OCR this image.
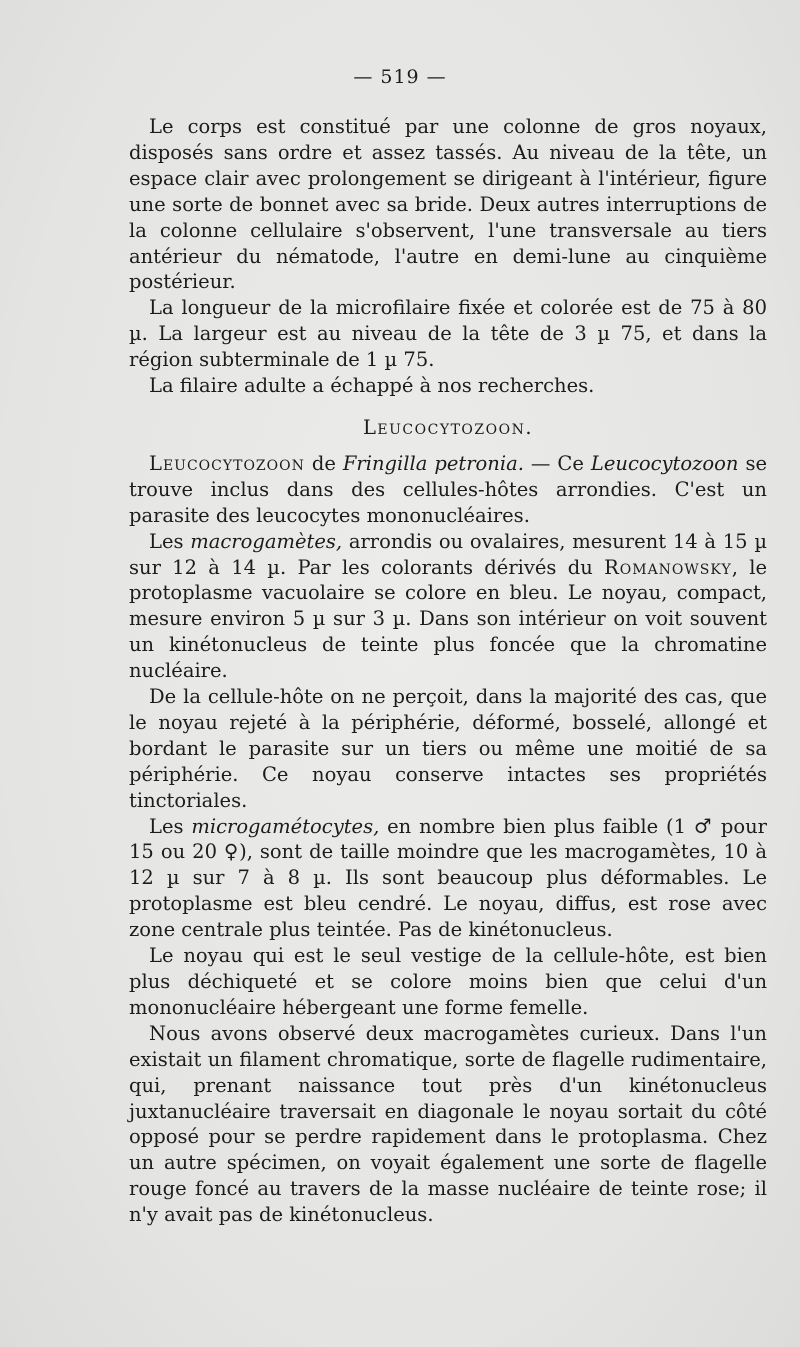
— 519 —

Le corps est constitué par une colonne de gros noyaux, disposés sans ordre et assez tassés. Au niveau de la tête, un espace clair avec prolongement se dirigeant à l'intérieur, figure une sorte de bonnet avec sa bride. Deux autres interruptions de la colonne cellulaire s'observent, l'une transversale au tiers antérieur du nématode, l'autre en demi-lune au cinquième postérieur.

La longueur de la microfilaire fixée et colorée est de 75 à 80 µ. La largeur est au niveau de la tête de 3 µ 75, et dans la région subterminale de 1 µ 75.

La filaire adulte a échappé à nos recherches.

Leucocytozoon.

Leucocytozoon de Fringilla petronia. — Ce Leucocytozoon se trouve inclus dans des cellules-hôtes arrondies. C'est un parasite des leucocytes mononucléaires.

Les macrogamètes, arrondis ou ovalaires, mesurent 14 à 15 µ sur 12 à 14 µ. Par les colorants dérivés du Romanowsky, le protoplasme vacuolaire se colore en bleu. Le noyau, compact, mesure environ 5 µ sur 3 µ. Dans son intérieur on voit souvent un kinétonucleus de teinte plus foncée que la chromatine nucléaire.

De la cellule-hôte on ne perçoit, dans la majorité des cas, que le noyau rejeté à la périphérie, déformé, bosselé, allongé et bordant le parasite sur un tiers ou même une moitié de sa périphérie. Ce noyau conserve intactes ses propriétés tinctoriales.

Les microgamétocytes, en nombre bien plus faible (1 ♂ pour 15 ou 20 ♀), sont de taille moindre que les macrogamètes, 10 à 12 µ sur 7 à 8 µ. Ils sont beaucoup plus déformables. Le protoplasme est bleu cendré. Le noyau, diffus, est rose avec zone centrale plus teintée. Pas de kinétonucleus.

Le noyau qui est le seul vestige de la cellule-hôte, est bien plus déchiqueté et se colore moins bien que celui d'un mononucléaire hébergeant une forme femelle.

Nous avons observé deux macrogamètes curieux. Dans l'un existait un filament chromatique, sorte de flagelle rudimentaire, qui, prenant naissance tout près d'un kinétonucleus juxtanucléaire traversait en diagonale le noyau sortait du côté opposé pour se perdre rapidement dans le protoplasma. Chez un autre spécimen, on voyait également une sorte de flagelle rouge foncé au travers de la masse nucléaire de teinte rose; il n'y avait pas de kinétonucleus.
